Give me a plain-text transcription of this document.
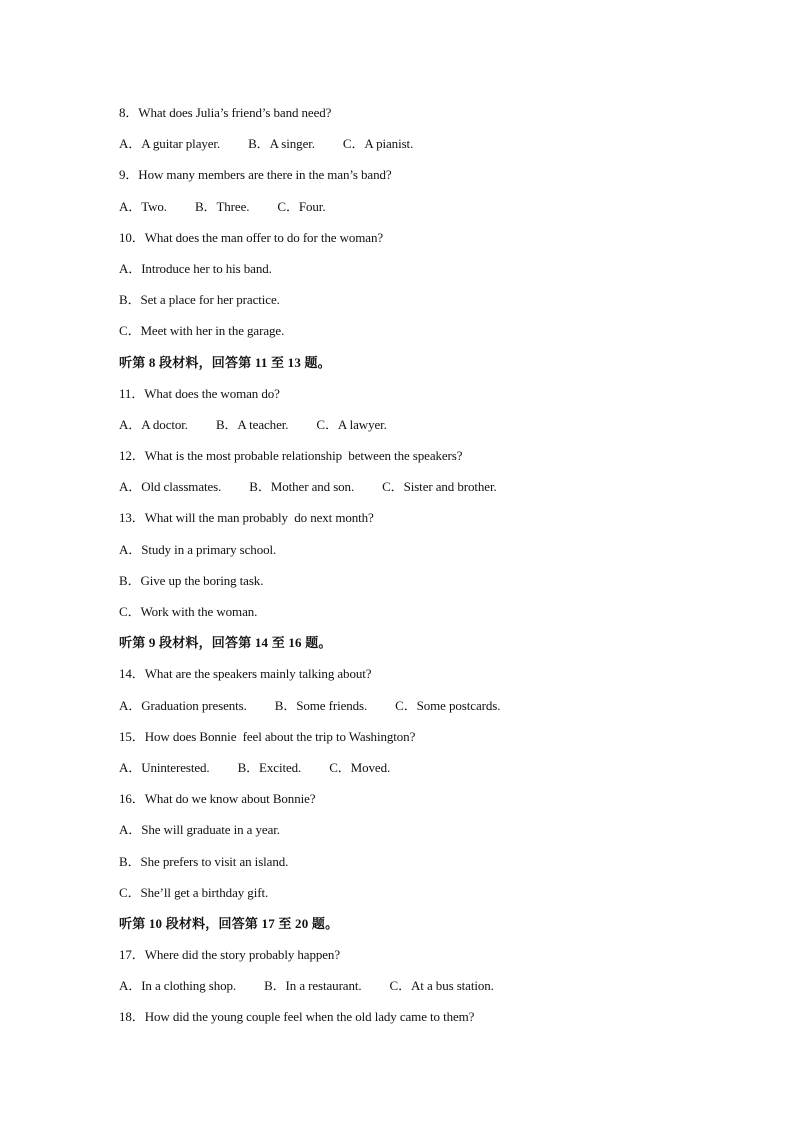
8．What does Julia’s friend’s band need?
A．A guitar player. B．A singer. C．A pianist.
9．How many members are there in the man’s band?
A．Two. B．Three. C．Four.
10．What does the man offer to do for the woman?
A．Introduce her to his band.
B．Set a place for her practice.
C．Meet with her in the garage.
听第 8 段材料，回答第 11 至 13 题。
11．What does the woman do?
A．A doctor. B．A teacher. C．A lawyer.
12．What is the most probable relationship  between the speakers?
A．Old classmates. B．Mother and son. C．Sister and brother.
13．What will the man probably  do next month?
A．Study in a primary school.
B．Give up the boring task.
C．Work with the woman.
听第 9 段材料，回答第 14 至 16 题。
14．What are the speakers mainly talking about?
A．Graduation presents. B．Some friends. C．Some postcards.
15．How does Bonnie  feel about the trip to Washington?
A．Uninterested. B．Excited. C．Moved.
16．What do we know about Bonnie?
A．She will graduate in a year.
B．She prefers to visit an island.
C．She’ll get a birthday gift.
听第 10 段材料，回答第 17 至 20 题。
17．Where did the story probably happen?
A．In a clothing shop. B．In a restaurant. C．At a bus station.
18．How did the young couple feel when the old lady came to them?
